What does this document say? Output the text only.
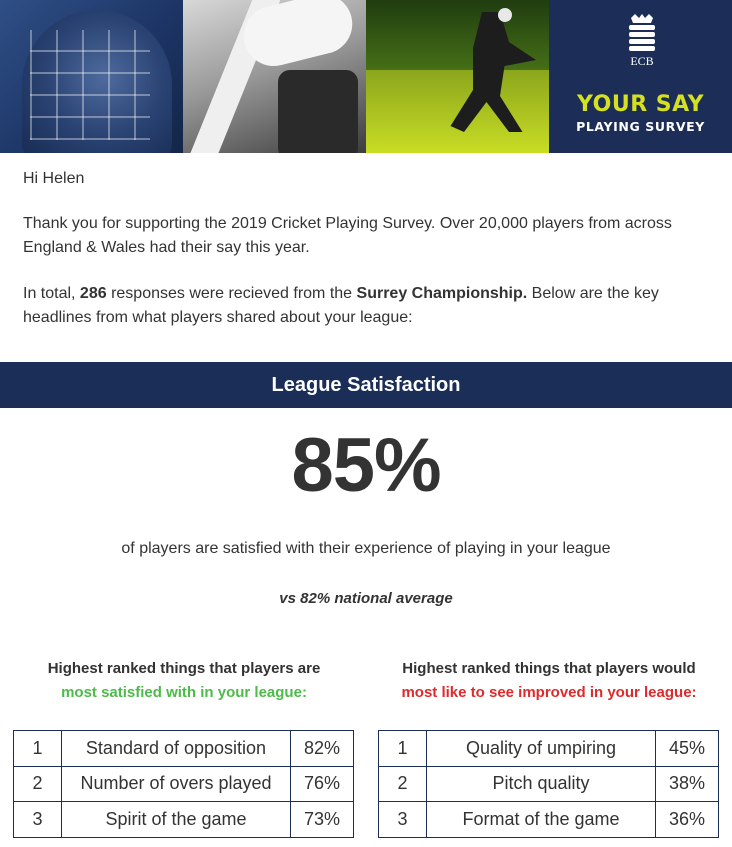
ECB
YOUR SAY
PLAYING SURVEY
Hi Helen
Thank you for supporting the 2019 Cricket Playing Survey. Over 20,000 players from across England & Wales had their say this year.
In total, 286 responses were recieved from the Surrey Championship. Below are the key headlines from what players shared about your league:
League Satisfaction
85%
of players are satisfied with their experience of playing in your league
vs 82% national average
Highest ranked things that players are
most satisfied with in your league:
1	Standard of opposition	82%
2	Number of overs played	76%
3	Spirit of the game	73%
Highest ranked things that players would
most like to see improved in your league:
1	Quality of umpiring	45%
2	Pitch quality	38%
3	Format of the game	36%
